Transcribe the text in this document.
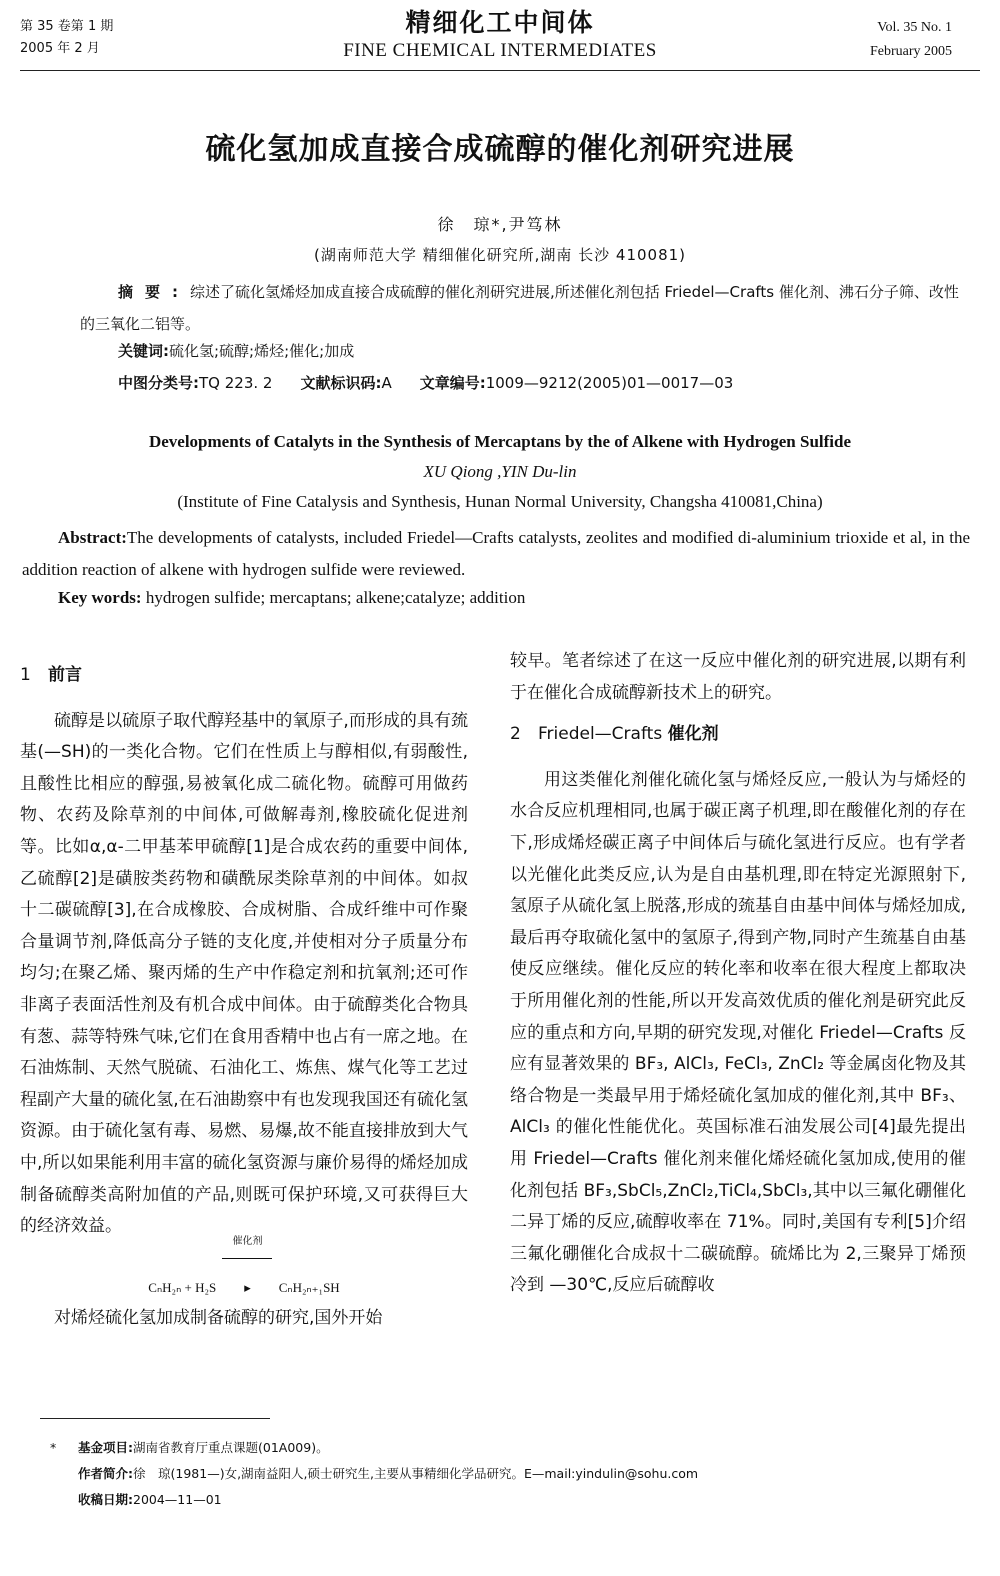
第 35 卷第 1 期
2005 年 2 月
精细化工中间体
FINE CHEMICAL INTERMEDIATES
Vol. 35 No. 1
February 2005
硫化氢加成直接合成硫醇的催化剂研究进展
徐　琼*,尹笃林
(湖南师范大学 精细催化研究所,湖南 长沙 410081)
摘要:综述了硫化氢烯烃加成直接合成硫醇的催化剂研究进展,所述催化剂包括 Friedel—Crafts 催化剂、沸石分子筛、改性的三氧化二铝等。
关键词:硫化氢;硫醇;烯烃;催化;加成
中图分类号:TQ 223. 2 文献标识码:A 文章编号:1009—9212(2005)01—0017—03
Developments of Catalyts in the Synthesis of Mercaptans by the of Alkene with Hydrogen Sulfide
XU Qiong ,YIN Du-lin
(Institute of Fine Catalysis and Synthesis, Hunan Normal University, Changsha 410081,China)
Abstract:The developments of catalysts, included Friedel—Crafts catalysts, zeolites and modified di-aluminium trioxide et al, in the addition reaction of alkene with hydrogen sulfide were reviewed.
Key words: hydrogen sulfide; mercaptans; alkene;catalyze; addition
1 前言

硫醇是以硫原子取代醇羟基中的氧原子,而形成的具有巯基(—SH)的一类化合物。它们在性质上与醇相似,有弱酸性,且酸性比相应的醇强,易被氧化成二硫化物。硫醇可用做药物、农药及除草剂的中间体,可做解毒剂,橡胶硫化促进剂等。比如α,α-二甲基苯甲硫醇[1]是合成农药的重要中间体,乙硫醇[2]是磺胺类药物和磺酰尿类除草剂的中间体。如叔十二碳硫醇[3],在合成橡胶、合成树脂、合成纤维中可作聚合量调节剂,降低高分子链的支化度,并使相对分子质量分布均匀;在聚乙烯、聚丙烯的生产中作稳定剂和抗氧剂;还可作非离子表面活性剂及有机合成中间体。由于硫醇类化合物具有葱、蒜等特殊气味,它们在食用香精中也占有一席之地。在石油炼制、天然气脱硫、石油化工、炼焦、煤气化等工艺过程副产大量的硫化氢,在石油勘察中有也发现我国还有硫化氢资源。由于硫化氢有毒、易燃、易爆,故不能直接排放到大气中,所以如果能利用丰富的硫化氢资源与廉价易得的烯烃加成制备硫醇类高附加值的产品,则既可保护环境,又可获得巨大的经济效益。

CₙH₂ₙ + H₂S
催化剂
▸ CₙH₂ₙ₊₁SH

对烯烃硫化氢加成制备硫醇的研究,国外开始

较早。笔者综述了在这一反应中催化剂的研究进展,以期有利于在催化合成硫醇新技术上的研究。

2 Friedel—Crafts 催化剂

用这类催化剂催化硫化氢与烯烃反应,一般认为与烯烃的水合反应机理相同,也属于碳正离子机理,即在酸催化剂的存在下,形成烯烃碳正离子中间体后与硫化氢进行反应。也有学者以光催化此类反应,认为是自由基机理,即在特定光源照射下,氢原子从硫化氢上脱落,形成的巯基自由基中间体与烯烃加成,最后再夺取硫化氢中的氢原子,得到产物,同时产生巯基自由基使反应继续。催化反应的转化率和收率在很大程度上都取决于所用催化剂的性能,所以开发高效优质的催化剂是研究此反应的重点和方向,早期的研究发现,对催化 Friedel—Crafts 反应有显著效果的 BF₃, AlCl₃, FeCl₃, ZnCl₂ 等金属卤化物及其络合物是一类最早用于烯烃硫化氢加成的催化剂,其中 BF₃、AlCl₃ 的催化性能优化。英国标准石油发展公司[4]最先提出用 Friedel—Crafts 催化剂来催化烯烃硫化氢加成,使用的催化剂包括 BF₃,SbCl₅,ZnCl₂,TiCl₄,SbCl₃,其中以三氟化硼催化二异丁烯的反应,硫醇收率在 71%。同时,美国有专利[5]介绍三氟化硼催化合成叔十二碳硫醇。硫烯比为 2,三聚异丁烯预冷到 —30℃,反应后硫醇收

* 基金项目:湖南省教育厅重点课题(01A009)。
作者简介:徐　琼(1981—)女,湖南益阳人,硕士研究生,主要从事精细化学品研究。E—mail:yindulin@sohu.com
收稿日期:2004—11—01
